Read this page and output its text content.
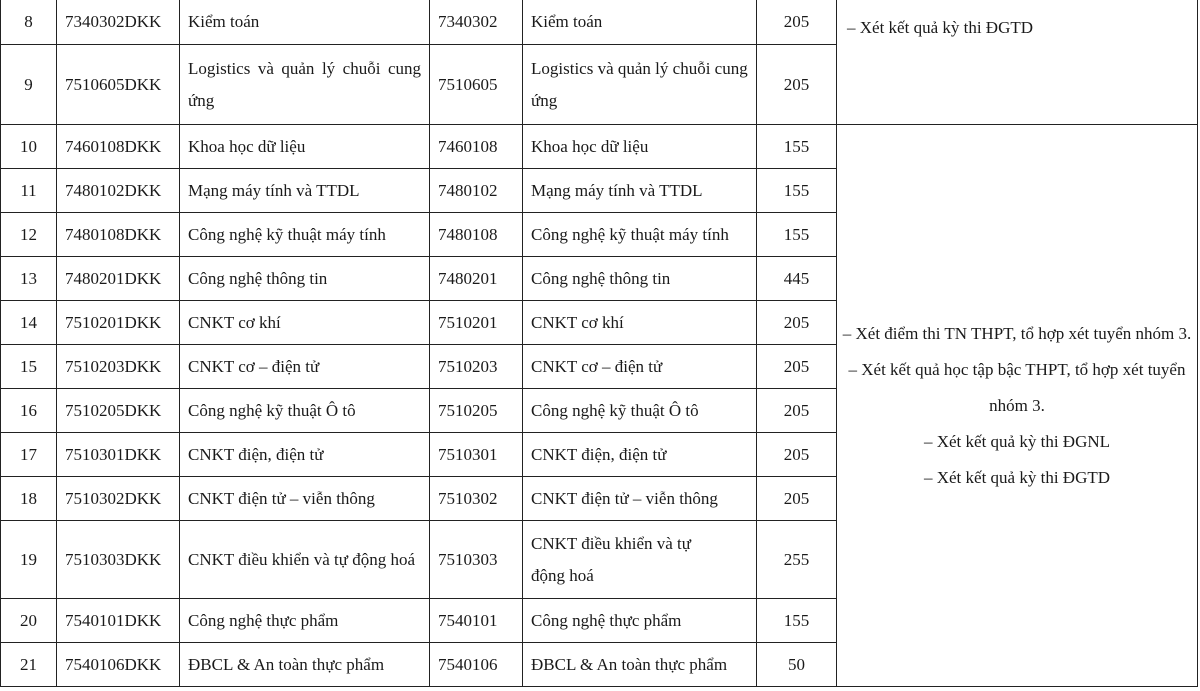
8	7340302DKK	Kiểm toán	7340302	Kiểm toán	205	– Xét kết quả kỳ thi ĐGTD

9	7510605DKK	Logistics và quản lý chuỗi cung ứng	7510605	Logistics và quản lý chuỗi cung ứng	205	
10	7460108DKK	Khoa học dữ liệu	7460108	Khoa học dữ liệu	155	– Xét điểm thi TN THPT, tổ hợp xét tuyển nhóm 3.
– Xét kết quả học tập bậc THPT, tổ hợp xét tuyển nhóm 3.
– Xét kết quả kỳ thi ĐGNL
– Xét kết quả kỳ thi ĐGTD

11	7480102DKK	Mạng máy tính và TTDL	7480102	Mạng máy tính và TTDL	155	
12	7480108DKK	Công nghệ kỹ thuật máy tính	7480108	Công nghệ kỹ thuật máy tính	155	
13	7480201DKK	Công nghệ thông tin	7480201	Công nghệ thông tin	445	
14	7510201DKK	CNKT cơ khí	7510201	CNKT cơ khí	205	
15	7510203DKK	CNKT cơ – điện tử	7510203	CNKT cơ – điện tử	205	
16	7510205DKK	Công nghệ kỹ thuật Ô tô	7510205	Công nghệ kỹ thuật Ô tô	205	
17	7510301DKK	CNKT điện, điện tử	7510301	CNKT điện, điện tử	205	
18	7510302DKK	CNKT điện tử – viễn thông	7510302	CNKT điện tử – viễn thông	205	
19	7510303DKK	CNKT điều khiển và tự động hoá	7510303	CNKT điều khiển và tự động hoá	255	
20	7540101DKK	Công nghệ thực phẩm	7540101	Công nghệ thực phẩm	155	
21	7540106DKK	ĐBCL & An toàn thực phẩm	7540106	ĐBCL & An toàn thực phẩm	50	
